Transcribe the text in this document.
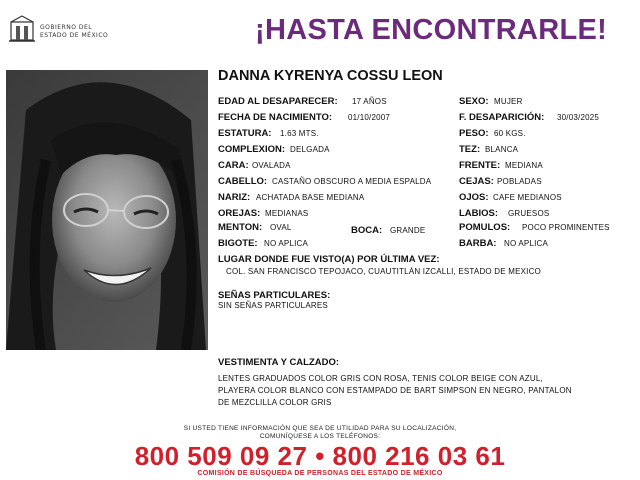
GOBIERNO DEL
ESTADO DE MÉXICO	¡HASTA ENCONTRARLE!
DANNA KYRENYA COSSU LEON
EDAD AL DESAPARECER: 17 AÑOS	SEXO: MUJER
FECHA DE NACIMIENTO: 01/10/2007	F. DESAPARICIÓN: 30/03/2025
ESTATURA: 1.63 MTS.	PESO: 60 KGS.
COMPLEXION: DELGADA	TEZ: BLANCA
CARA: OVALADA	FRENTE: MEDIANA
CABELLO: CASTAÑO OBSCURO A MEDIA ESPALDA	CEJAS: POBLADAS
NARIZ: ACHATADA BASE MEDIANA	OJOS: CAFE MEDIANOS
OREJAS: MEDIANAS	LABIOS: GRUESOS
MENTON: OVAL	BOCA: GRANDE	POMULOS: POCO PROMINENTES
BIGOTE: NO APLICA	BARBA: NO APLICA
LUGAR DONDE FUE VISTO(A) POR ÚLTIMA VEZ:
COL. SAN FRANCISCO TEPOJACO, CUAUTITLÁN IZCALLI, ESTADO DE MEXICO
SEÑAS PARTICULARES:
SIN SEÑAS PARTICULARES
VESTIMENTA Y CALZADO:
LENTES GRADUADOS COLOR GRIS CON ROSA, TENIS COLOR BEIGE CON AZUL,
PLAYERA COLOR BLANCO CON ESTAMPADO DE BART SIMPSON EN NEGRO, PANTALON
DE MEZCLILLA COLOR GRIS
SI USTED TIENE INFORMACIÓN QUE SEA DE UTILIDAD PARA SU LOCALIZACIÓN,
COMUNÍQUESE A LOS TELÉFONOS:
800 509 09 27 • 800 216 03 61
COMISIÓN DE BÚSQUEDA DE PERSONAS DEL ESTADO DE MÉXICO
